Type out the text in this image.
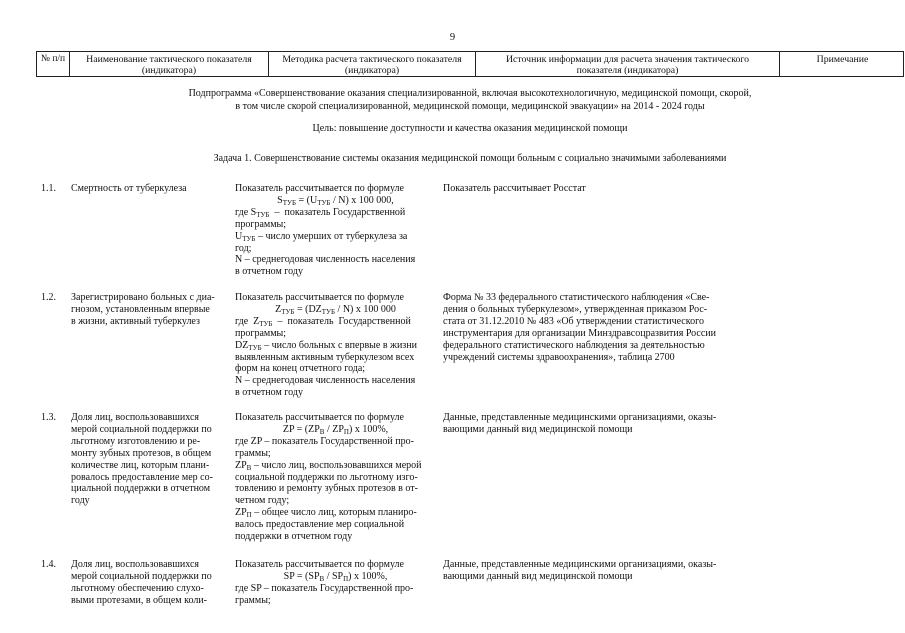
9
№ п/п	Наименование тактического показателя (индикатора)
Методика расчета тактического показателя (индикатора)
Источник информации для расчета значения тактического показателя (индикатора)
Примечание
Подпрограмма «Совершенствование оказания специализированной, включая высокотехнологичную, медицинской помощи, скорой,
в том числе скорой специализированной, медицинской помощи, медицинской эвакуации» на 2014 - 2024 годы
Цель: повышение доступности и качества оказания медицинской помощи
Задача 1. Совершенствование системы оказания медицинской помощи больным с социально значимыми заболеваниями
1.1. Смертность от туберкулеза	Показатель рассчитывается по формуле
$S_{ТУБ} = (U_{ТУБ} / N)$ х 100 000,
где $S_{ТУБ}$  –  показатель Государственной
программы;
$U_{ТУБ}$ – число умерших от туберкулеза за
год;
N – среднегодовая численность населения
в отчетном году
Показатель рассчитывает Росстат
1.2. Зарегистрировано больных с диа-
гнозом, установленным впервые
в жизни, активный туберкулез
Показатель рассчитывается по формуле
$Z_{ТУБ} = (DZ_{ТУБ} / N)$ х 100 000
где  $Z_{ТУБ}$  –  показатель  Государственной
программы;
$DZ_{ТУБ}$ – число больных с впервые в жизни
выявленным активным туберкулезом всех
форм на конец отчетного года;
N – среднегодовая численность населения
в отчетном году
Форма № 33 федерального статистического наблюдения «Све-
дения о больных туберкулезом», утвержденная приказом Рос-
стата от 31.12.2010 № 483 «Об утверждении статистического
инструментария для организации Минздравсоцразвития России
федерального статистического наблюдения за деятельностью
учреждений системы здравоохранения», таблица 2700
1.3. Доля лиц, воспользовавшихся
мерой социальной поддержки по
льготному изготовлению и ре-
монту зубных протезов, в общем
количестве лиц, которым плани-
ровалось предоставление мер со-
циальной поддержки в отчетном
году
Показатель рассчитывается по формуле
ZP = $(ZP_В / ZP_П)$ х 100%,
где ZP – показатель Государственной про-
граммы;
$ZP_В$ – число лиц, воспользовавшихся мерой
социальной поддержки по льготному изго-
товлению и ремонту зубных протезов в от-
четном году;
$ZP_П$ – общее число лиц, которым планиро-
валось предоставление мер социальной
поддержки в отчетном году
Данные, представленные медицинскими организациями, оказы-
вающими данный вид медицинской помощи
1.4. Доля лиц, воспользовавшихся
мерой социальной поддержки по
льготному обеспечению слухо-
выми протезами, в общем коли-
Показатель рассчитывается по формуле
SP = $(SP_В / SP_П)$ х 100%,
где SP – показатель Государственной про-
граммы;
Данные, представленные медицинскими организациями, оказы-
вающими данный вид медицинской помощи
